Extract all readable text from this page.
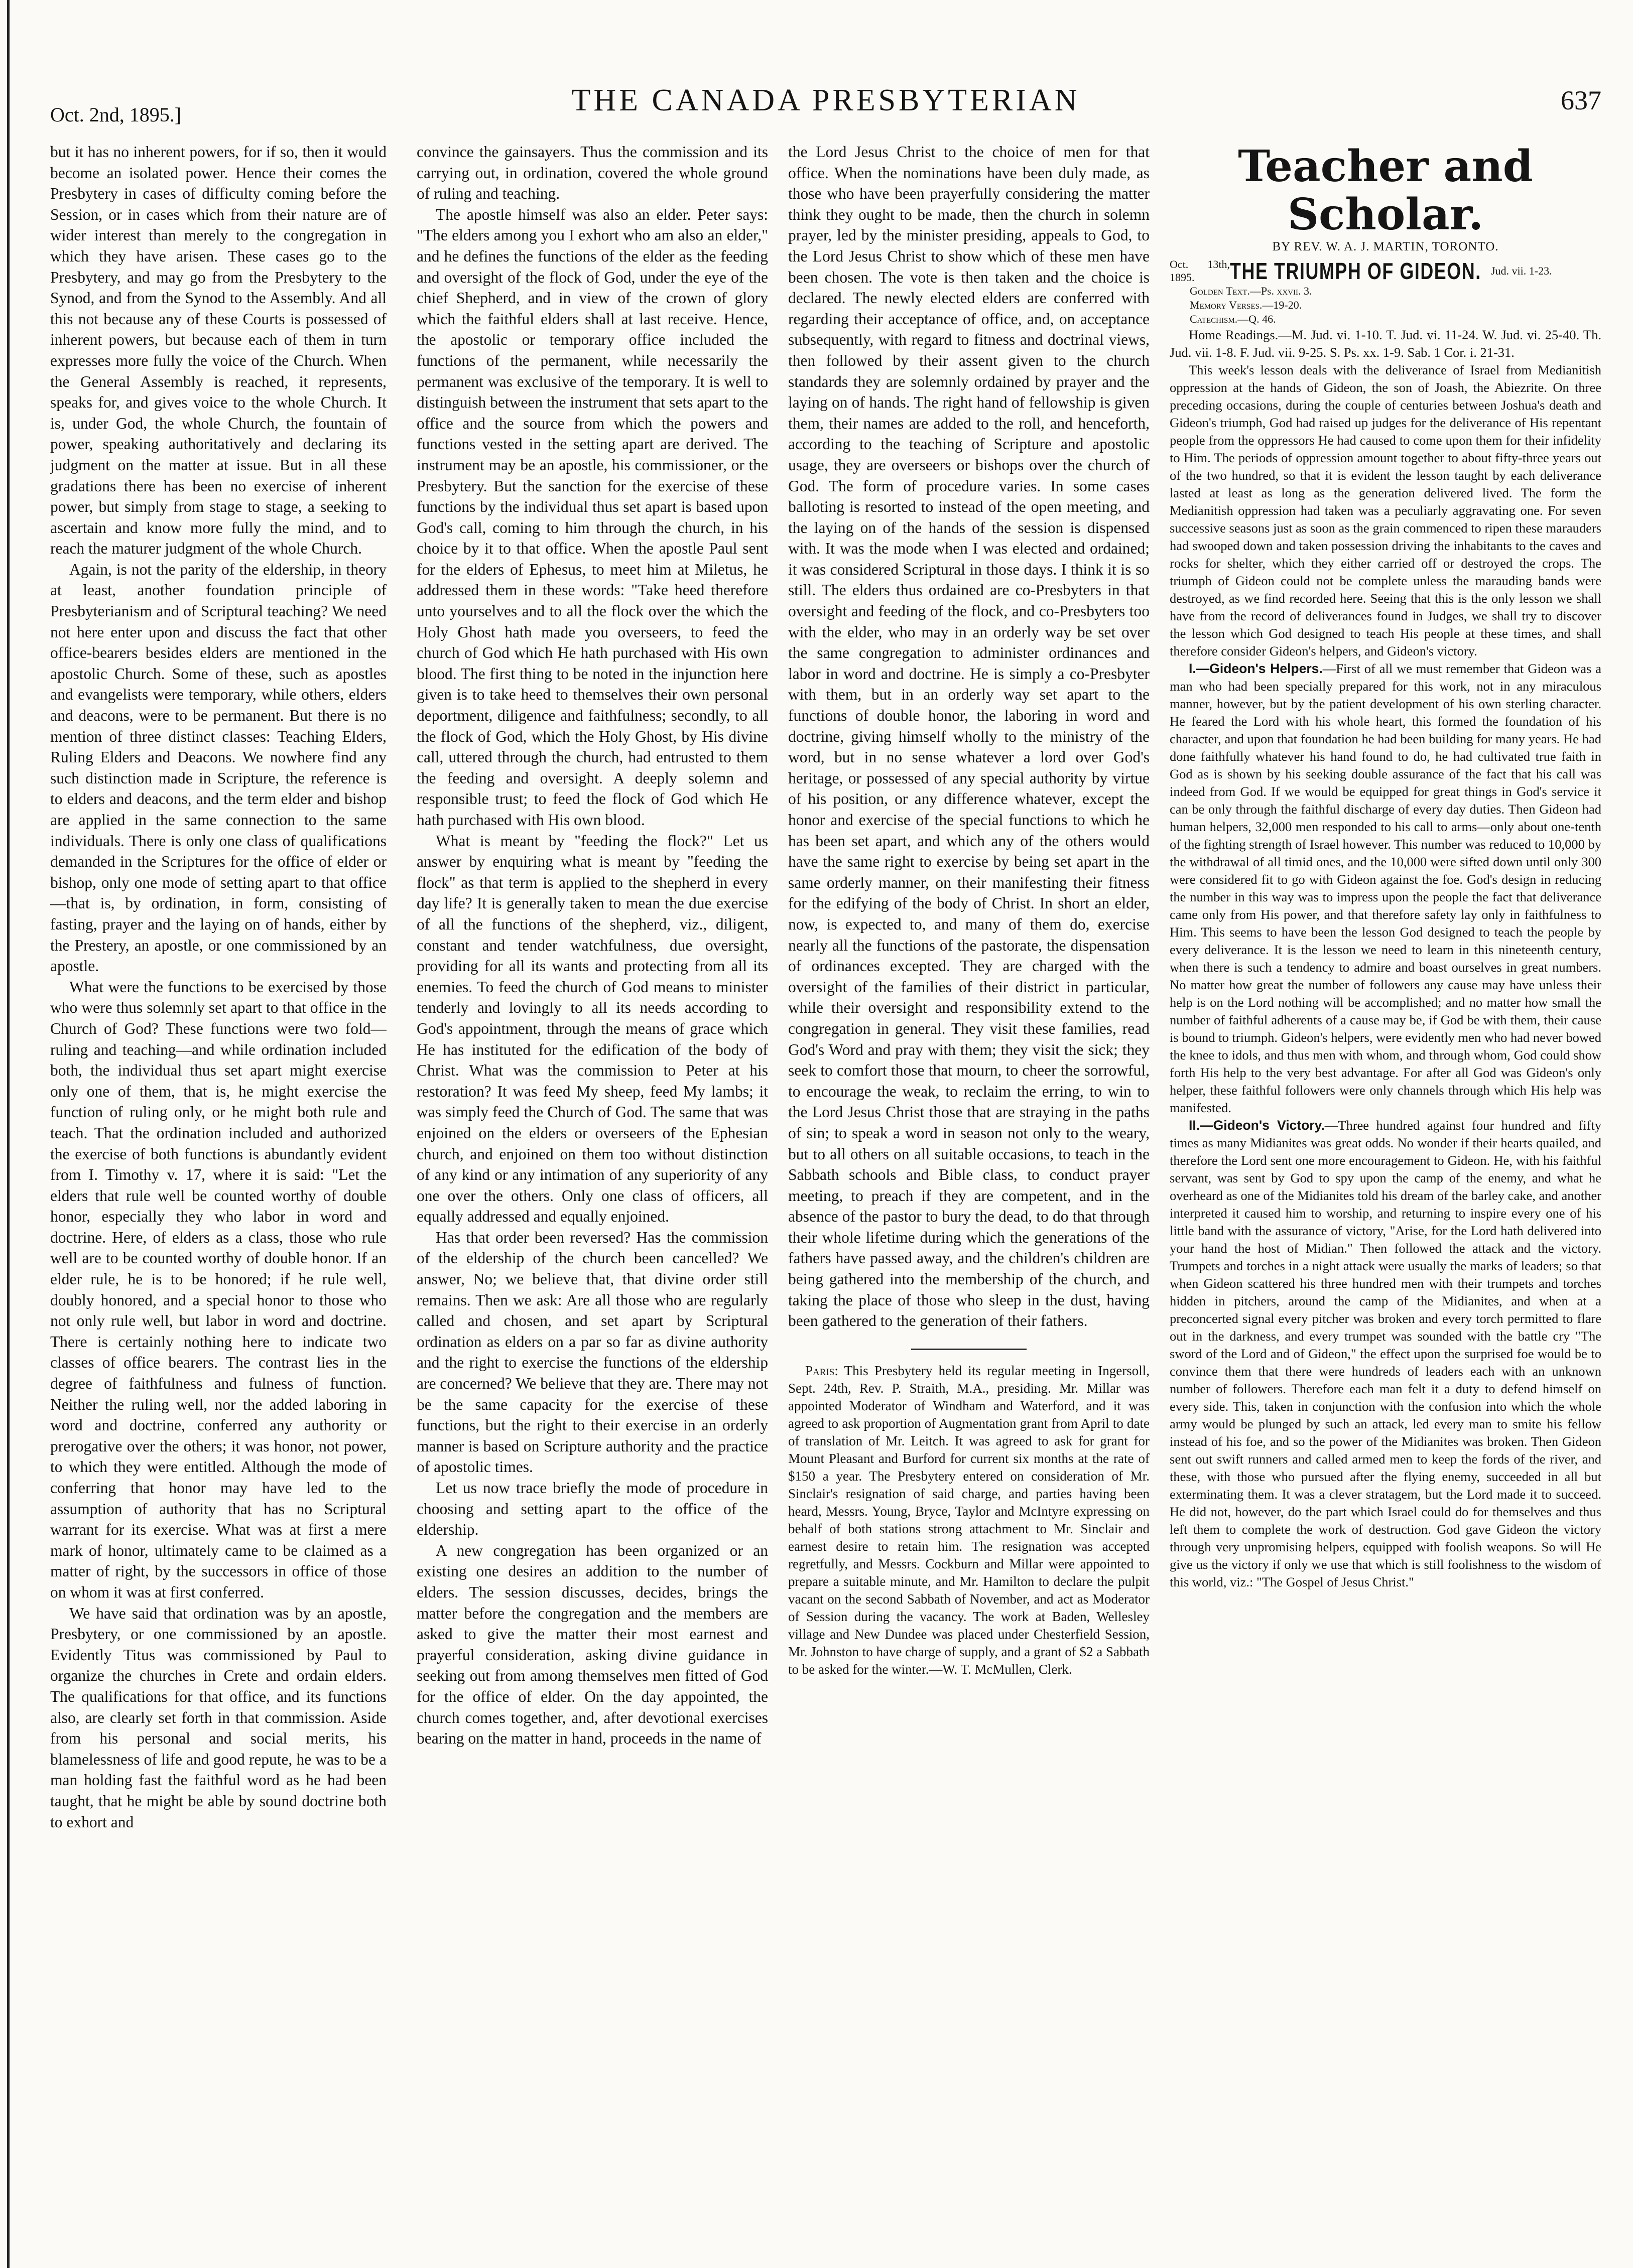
Oct. 2nd, 1895.]	THE CANADA PRESBYTERIAN	637

but it has no inherent powers, for if so, then it would become an isolated power. Hence their comes the Presbytery in cases of difficulty coming before the Session, or in cases which from their nature are of wider interest than merely to the congregation in which they have arisen. These cases go to the Presbytery, and may go from the Presbytery to the Synod, and from the Synod to the Assembly. And all this not because any of these Courts is possessed of inherent powers, but because each of them in turn expresses more fully the voice of the Church. When the General Assembly is reached, it represents, speaks for, and gives voice to the whole Church. It is, under God, the whole Church, the fountain of power, speaking authoritatively and declaring its judgment on the matter at issue. But in all these gradations there has been no exercise of inherent power, but simply from stage to stage, a seeking to ascertain and know more fully the mind, and to reach the maturer judgment of the whole Church.

Again, is not the parity of the eldership, in theory at least, another foundation principle of Presbyterianism and of Scriptural teaching? We need not here enter upon and discuss the fact that other office-bearers besides elders are mentioned in the apostolic Church. Some of these, such as apostles and evangelists were temporary, while others, elders and deacons, were to be permanent. But there is no mention of three distinct classes: Teaching Elders, Ruling Elders and Deacons. We nowhere find any such distinction made in Scripture, the reference is to elders and deacons, and the term elder and bishop are applied in the same connection to the same individuals. There is only one class of qualifications demanded in the Scriptures for the office of elder or bishop, only one mode of setting apart to that office—that is, by ordination, in form, consisting of fasting, prayer and the laying on of hands, either by the Prestery, an apostle, or one commissioned by an apostle.

What were the functions to be exercised by those who were thus solemnly set apart to that office in the Church of God? These functions were two fold—ruling and teaching—and while ordination included both, the individual thus set apart might exercise only one of them, that is, he might exercise the function of ruling only, or he might both rule and teach. That the ordination included and authorized the exercise of both functions is abundantly evident from I. Timothy v. 17, where it is said: "Let the elders that rule well be counted worthy of double honor, especially they who labor in word and doctrine. Here, of elders as a class, those who rule well are to be counted worthy of double honor. If an elder rule, he is to be honored; if he rule well, doubly honored, and a special honor to those who not only rule well, but labor in word and doctrine. There is certainly nothing here to indicate two classes of office bearers. The contrast lies in the degree of faithfulness and fulness of function. Neither the ruling well, nor the added laboring in word and doctrine, conferred any authority or prerogative over the others; it was honor, not power, to which they were entitled. Although the mode of conferring that honor may have led to the assumption of authority that has no Scriptural warrant for its exercise. What was at first a mere mark of honor, ultimately came to be claimed as a matter of right, by the successors in office of those on whom it was at first conferred.

We have said that ordination was by an apostle, Presbytery, or one commissioned by an apostle. Evidently Titus was commissioned by Paul to organize the churches in Crete and ordain elders. The qualifications for that office, and its functions also, are clearly set forth in that commission. Aside from his personal and social merits, his blamelessness of life and good repute, he was to be a man holding fast the faithful word as he had been taught, that he might be able by sound doctrine both to exhort and

convince the gainsayers. Thus the commission and its carrying out, in ordination, covered the whole ground of ruling and teaching.

The apostle himself was also an elder. Peter says: "The elders among you I exhort who am also an elder," and he defines the functions of the elder as the feeding and oversight of the flock of God, under the eye of the chief Shepherd, and in view of the crown of glory which the faithful elders shall at last receive. Hence, the apostolic or temporary office included the functions of the permanent, while necessarily the permanent was exclusive of the temporary. It is well to distinguish between the instrument that sets apart to the office and the source from which the powers and functions vested in the setting apart are derived. The instrument may be an apostle, his commissioner, or the Presbytery. But the sanction for the exercise of these functions by the individual thus set apart is based upon God's call, coming to him through the church, in his choice by it to that office. When the apostle Paul sent for the elders of Ephesus, to meet him at Miletus, he addressed them in these words: "Take heed therefore unto yourselves and to all the flock over the which the Holy Ghost hath made you overseers, to feed the church of God which He hath purchased with His own blood. The first thing to be noted in the injunction here given is to take heed to themselves their own personal deportment, diligence and faithfulness; secondly, to all the flock of God, which the Holy Ghost, by His divine call, uttered through the church, had entrusted to them the feeding and oversight. A deeply solemn and responsible trust; to feed the flock of God which He hath purchased with His own blood.

What is meant by "feeding the flock?" Let us answer by enquiring what is meant by "feeding the flock" as that term is applied to the shepherd in every day life? It is generally taken to mean the due exercise of all the functions of the shepherd, viz., diligent, constant and tender watchfulness, due oversight, providing for all its wants and protecting from all its enemies. To feed the church of God means to minister tenderly and lovingly to all its needs according to God's appointment, through the means of grace which He has instituted for the edification of the body of Christ. What was the commission to Peter at his restoration? It was feed My sheep, feed My lambs; it was simply feed the Church of God. The same that was enjoined on the elders or overseers of the Ephesian church, and enjoined on them too without distinction of any kind or any intimation of any superiority of any one over the others. Only one class of officers, all equally addressed and equally enjoined.

Has that order been reversed? Has the commission of the eldership of the church been cancelled? We answer, No; we believe that, that divine order still remains. Then we ask: Are all those who are regularly called and chosen, and set apart by Scriptural ordination as elders on a par so far as divine authority and the right to exercise the functions of the eldership are concerned? We believe that they are. There may not be the same capacity for the exercise of these functions, but the right to their exercise in an orderly manner is based on Scripture authority and the practice of apostolic times.

Let us now trace briefly the mode of procedure in choosing and setting apart to the office of the eldership.

A new congregation has been organized or an existing one desires an addition to the number of elders. The session discusses, decides, brings the matter before the congregation and the members are asked to give the matter their most earnest and prayerful consideration, asking divine guidance in seeking out from among themselves men fitted of God for the office of elder. On the day appointed, the church comes together, and, after devotional exercises bearing on the matter in hand, proceeds in the name of

the Lord Jesus Christ to the choice of men for that office. When the nominations have been duly made, as those who have been prayerfully considering the matter think they ought to be made, then the church in solemn prayer, led by the minister presiding, appeals to God, to the Lord Jesus Christ to show which of these men have been chosen. The vote is then taken and the choice is declared. The newly elected elders are conferred with regarding their acceptance of office, and, on acceptance subsequently, with regard to fitness and doctrinal views, then followed by their assent given to the church standards they are solemnly ordained by prayer and the laying on of hands. The right hand of fellowship is given them, their names are added to the roll, and henceforth, according to the teaching of Scripture and apostolic usage, they are overseers or bishops over the church of God. The form of procedure varies. In some cases balloting is resorted to instead of the open meeting, and the laying on of the hands of the session is dispensed with. It was the mode when I was elected and ordained; it was considered Scriptural in those days. I think it is so still. The elders thus ordained are co-Presbyters in that oversight and feeding of the flock, and co-Presbyters too with the elder, who may in an orderly way be set over the same congregation to administer ordinances and labor in word and doctrine. He is simply a co-Presbyter with them, but in an orderly way set apart to the functions of double honor, the laboring in word and doctrine, giving himself wholly to the ministry of the word, but in no sense whatever a lord over God's heritage, or possessed of any special authority by virtue of his position, or any difference whatever, except the honor and exercise of the special functions to which he has been set apart, and which any of the others would have the same right to exercise by being set apart in the same orderly manner, on their manifesting their fitness for the edifying of the body of Christ. In short an elder, now, is expected to, and many of them do, exercise nearly all the functions of the pastorate, the dispensation of ordinances excepted. They are charged with the oversight of the families of their district in particular, while their oversight and responsibility extend to the congregation in general. They visit these families, read God's Word and pray with them; they visit the sick; they seek to comfort those that mourn, to cheer the sorrowful, to encourage the weak, to reclaim the erring, to win to the Lord Jesus Christ those that are straying in the paths of sin; to speak a word in season not only to the weary, but to all others on all suitable occasions, to teach in the Sabbath schools and Bible class, to conduct prayer meeting, to preach if they are competent, and in the absence of the pastor to bury the dead, to do that through their whole lifetime during which the generations of the fathers have passed away, and the children's children are being gathered into the membership of the church, and taking the place of those who sleep in the dust, having been gathered to the generation of their fathers.

Paris: This Presbytery held its regular meeting in Ingersoll, Sept. 24th, Rev. P. Straith, M.A., presiding. Mr. Millar was appointed Moderator of Windham and Waterford, and it was agreed to ask proportion of Augmentation grant from April to date of translation of Mr. Leitch. It was agreed to ask for grant for Mount Pleasant and Burford for current six months at the rate of $150 a year. The Presbytery entered on consideration of Mr. Sinclair's resignation of said charge, and parties having been heard, Messrs. Young, Bryce, Taylor and McIntyre expressing on behalf of both stations strong attachment to Mr. Sinclair and earnest desire to retain him. The resignation was accepted regretfully, and Messrs. Cockburn and Millar were appointed to prepare a suitable minute, and Mr. Hamilton to declare the pulpit vacant on the second Sabbath of November, and act as Moderator of Session during the vacancy. The work at Baden, Wellesley village and New Dundee was placed under Chesterfield Session, Mr. Johnston to have charge of supply, and a grant of $2 a Sabbath to be asked for the winter.—W. T. McMullen, Clerk.

Teacher and Scholar.
BY REV. W. A. J. MARTIN, TORONTO.
Oct. 13th, 1895.	THE TRIUMPH OF GIDEON. Jud. vii. 1-23.
Golden Text.—Ps. xxvii. 3.
Memory Verses.—19-20.
Catechism.—Q. 46.

Home Readings.—M. Jud. vi. 1-10. T. Jud. vi. 11-24. W. Jud. vi. 25-40. Th. Jud. vii. 1-8. F. Jud. vii. 9-25. S. Ps. xx. 1-9. Sab. 1 Cor. i. 21-31.

This week's lesson deals with the deliverance of Israel from Medianitish oppression at the hands of Gideon, the son of Joash, the Abiezrite. On three preceding occasions, during the couple of centuries between Joshua's death and Gideon's triumph, God had raised up judges for the deliverance of His repentant people from the oppressors He had caused to come upon them for their infidelity to Him. The periods of oppression amount together to about fifty-three years out of the two hundred, so that it is evident the lesson taught by each deliverance lasted at least as long as the generation delivered lived. The form the Medianitish oppression had taken was a peculiarly aggravating one. For seven successive seasons just as soon as the grain commenced to ripen these marauders had swooped down and taken possession driving the inhabitants to the caves and rocks for shelter, which they either carried off or destroyed the crops. The triumph of Gideon could not be complete unless the marauding bands were destroyed, as we find recorded here. Seeing that this is the only lesson we shall have from the record of deliverances found in Judges, we shall try to discover the lesson which God designed to teach His people at these times, and shall therefore consider Gideon's helpers, and Gideon's victory.

I.—Gideon's Helpers.—First of all we must remember that Gideon was a man who had been specially prepared for this work, not in any miraculous manner, however, but by the patient development of his own sterling character. He feared the Lord with his whole heart, this formed the foundation of his character, and upon that foundation he had been building for many years. He had done faithfully whatever his hand found to do, he had cultivated true faith in God as is shown by his seeking double assurance of the fact that his call was indeed from God. If we would be equipped for great things in God's service it can be only through the faithful discharge of every day duties. Then Gideon had human helpers, 32,000 men responded to his call to arms—only about one-tenth of the fighting strength of Israel however. This number was reduced to 10,000 by the withdrawal of all timid ones, and the 10,000 were sifted down until only 300 were considered fit to go with Gideon against the foe. God's design in reducing the number in this way was to impress upon the people the fact that deliverance came only from His power, and that therefore safety lay only in faithfulness to Him. This seems to have been the lesson God designed to teach the people by every deliverance. It is the lesson we need to learn in this nineteenth century, when there is such a tendency to admire and boast ourselves in great numbers. No matter how great the number of followers any cause may have unless their help is on the Lord nothing will be accomplished; and no matter how small the number of faithful adherents of a cause may be, if God be with them, their cause is bound to triumph. Gideon's helpers, were evidently men who had never bowed the knee to idols, and thus men with whom, and through whom, God could show forth His help to the very best advantage. For after all God was Gideon's only helper, these faithful followers were only channels through which His help was manifested.

II.—Gideon's Victory.—Three hundred against four hundred and fifty times as many Midianites was great odds. No wonder if their hearts quailed, and therefore the Lord sent one more encouragement to Gideon. He, with his faithful servant, was sent by God to spy upon the camp of the enemy, and what he overheard as one of the Midianites told his dream of the barley cake, and another interpreted it caused him to worship, and returning to inspire every one of his little band with the assurance of victory, "Arise, for the Lord hath delivered into your hand the host of Midian." Then followed the attack and the victory. Trumpets and torches in a night attack were usually the marks of leaders; so that when Gideon scattered his three hundred men with their trumpets and torches hidden in pitchers, around the camp of the Midianites, and when at a preconcerted signal every pitcher was broken and every torch permitted to flare out in the darkness, and every trumpet was sounded with the battle cry "The sword of the Lord and of Gideon," the effect upon the surprised foe would be to convince them that there were hundreds of leaders each with an unknown number of followers. Therefore each man felt it a duty to defend himself on every side. This, taken in conjunction with the confusion into which the whole army would be plunged by such an attack, led every man to smite his fellow instead of his foe, and so the power of the Midianites was broken. Then Gideon sent out swift runners and called armed men to keep the fords of the river, and these, with those who pursued after the flying enemy, succeeded in all but exterminating them. It was a clever stratagem, but the Lord made it to succeed. He did not, however, do the part which Israel could do for themselves and thus left them to complete the work of destruction. God gave Gideon the victory through very unpromising helpers, equipped with foolish weapons. So will He give us the victory if only we use that which is still foolishness to the wisdom of this world, viz.: "The Gospel of Jesus Christ."
